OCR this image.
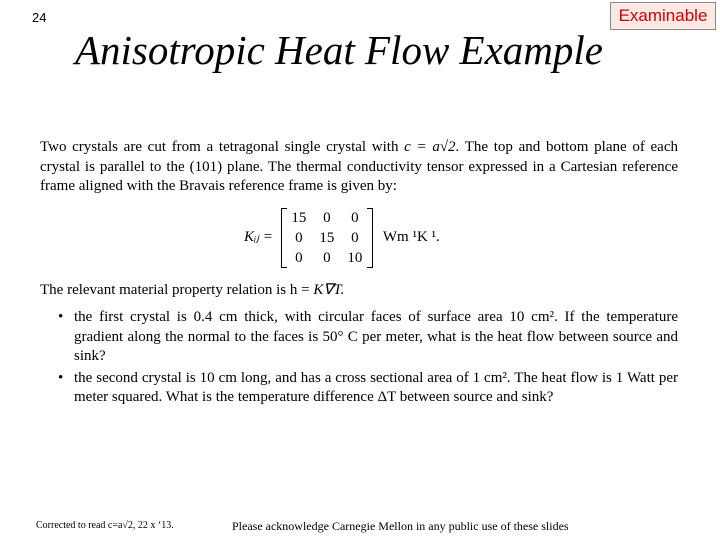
24	Examinable
Anisotropic Heat Flow Example
Two crystals are cut from a tetragonal single crystal with c = a√2. The top and bottom plane of each crystal is parallel to the (101) plane. The thermal conductivity tensor expressed in a Cartesian reference frame aligned with the Bravais reference frame is given by:
Kᵢⱼ =
15	0	0
0	15	0
0	0	10
Wm ¹K ¹.
The relevant material property relation is h = K∇T.
• the first crystal is 0.4 cm thick, with circular faces of surface area 10 cm². If the temperature gradient along the normal to the faces is 50° C per meter, what is the heat flow between source and sink?
• the second crystal is 10 cm long, and has a cross sectional area of 1 cm². The heat flow is 1 Watt per meter squared. What is the temperature difference ΔT between source and sink?
Corrected to read c=a√2, 22 x ‘13.	Please acknowledge Carnegie Mellon in any public use of these slides
